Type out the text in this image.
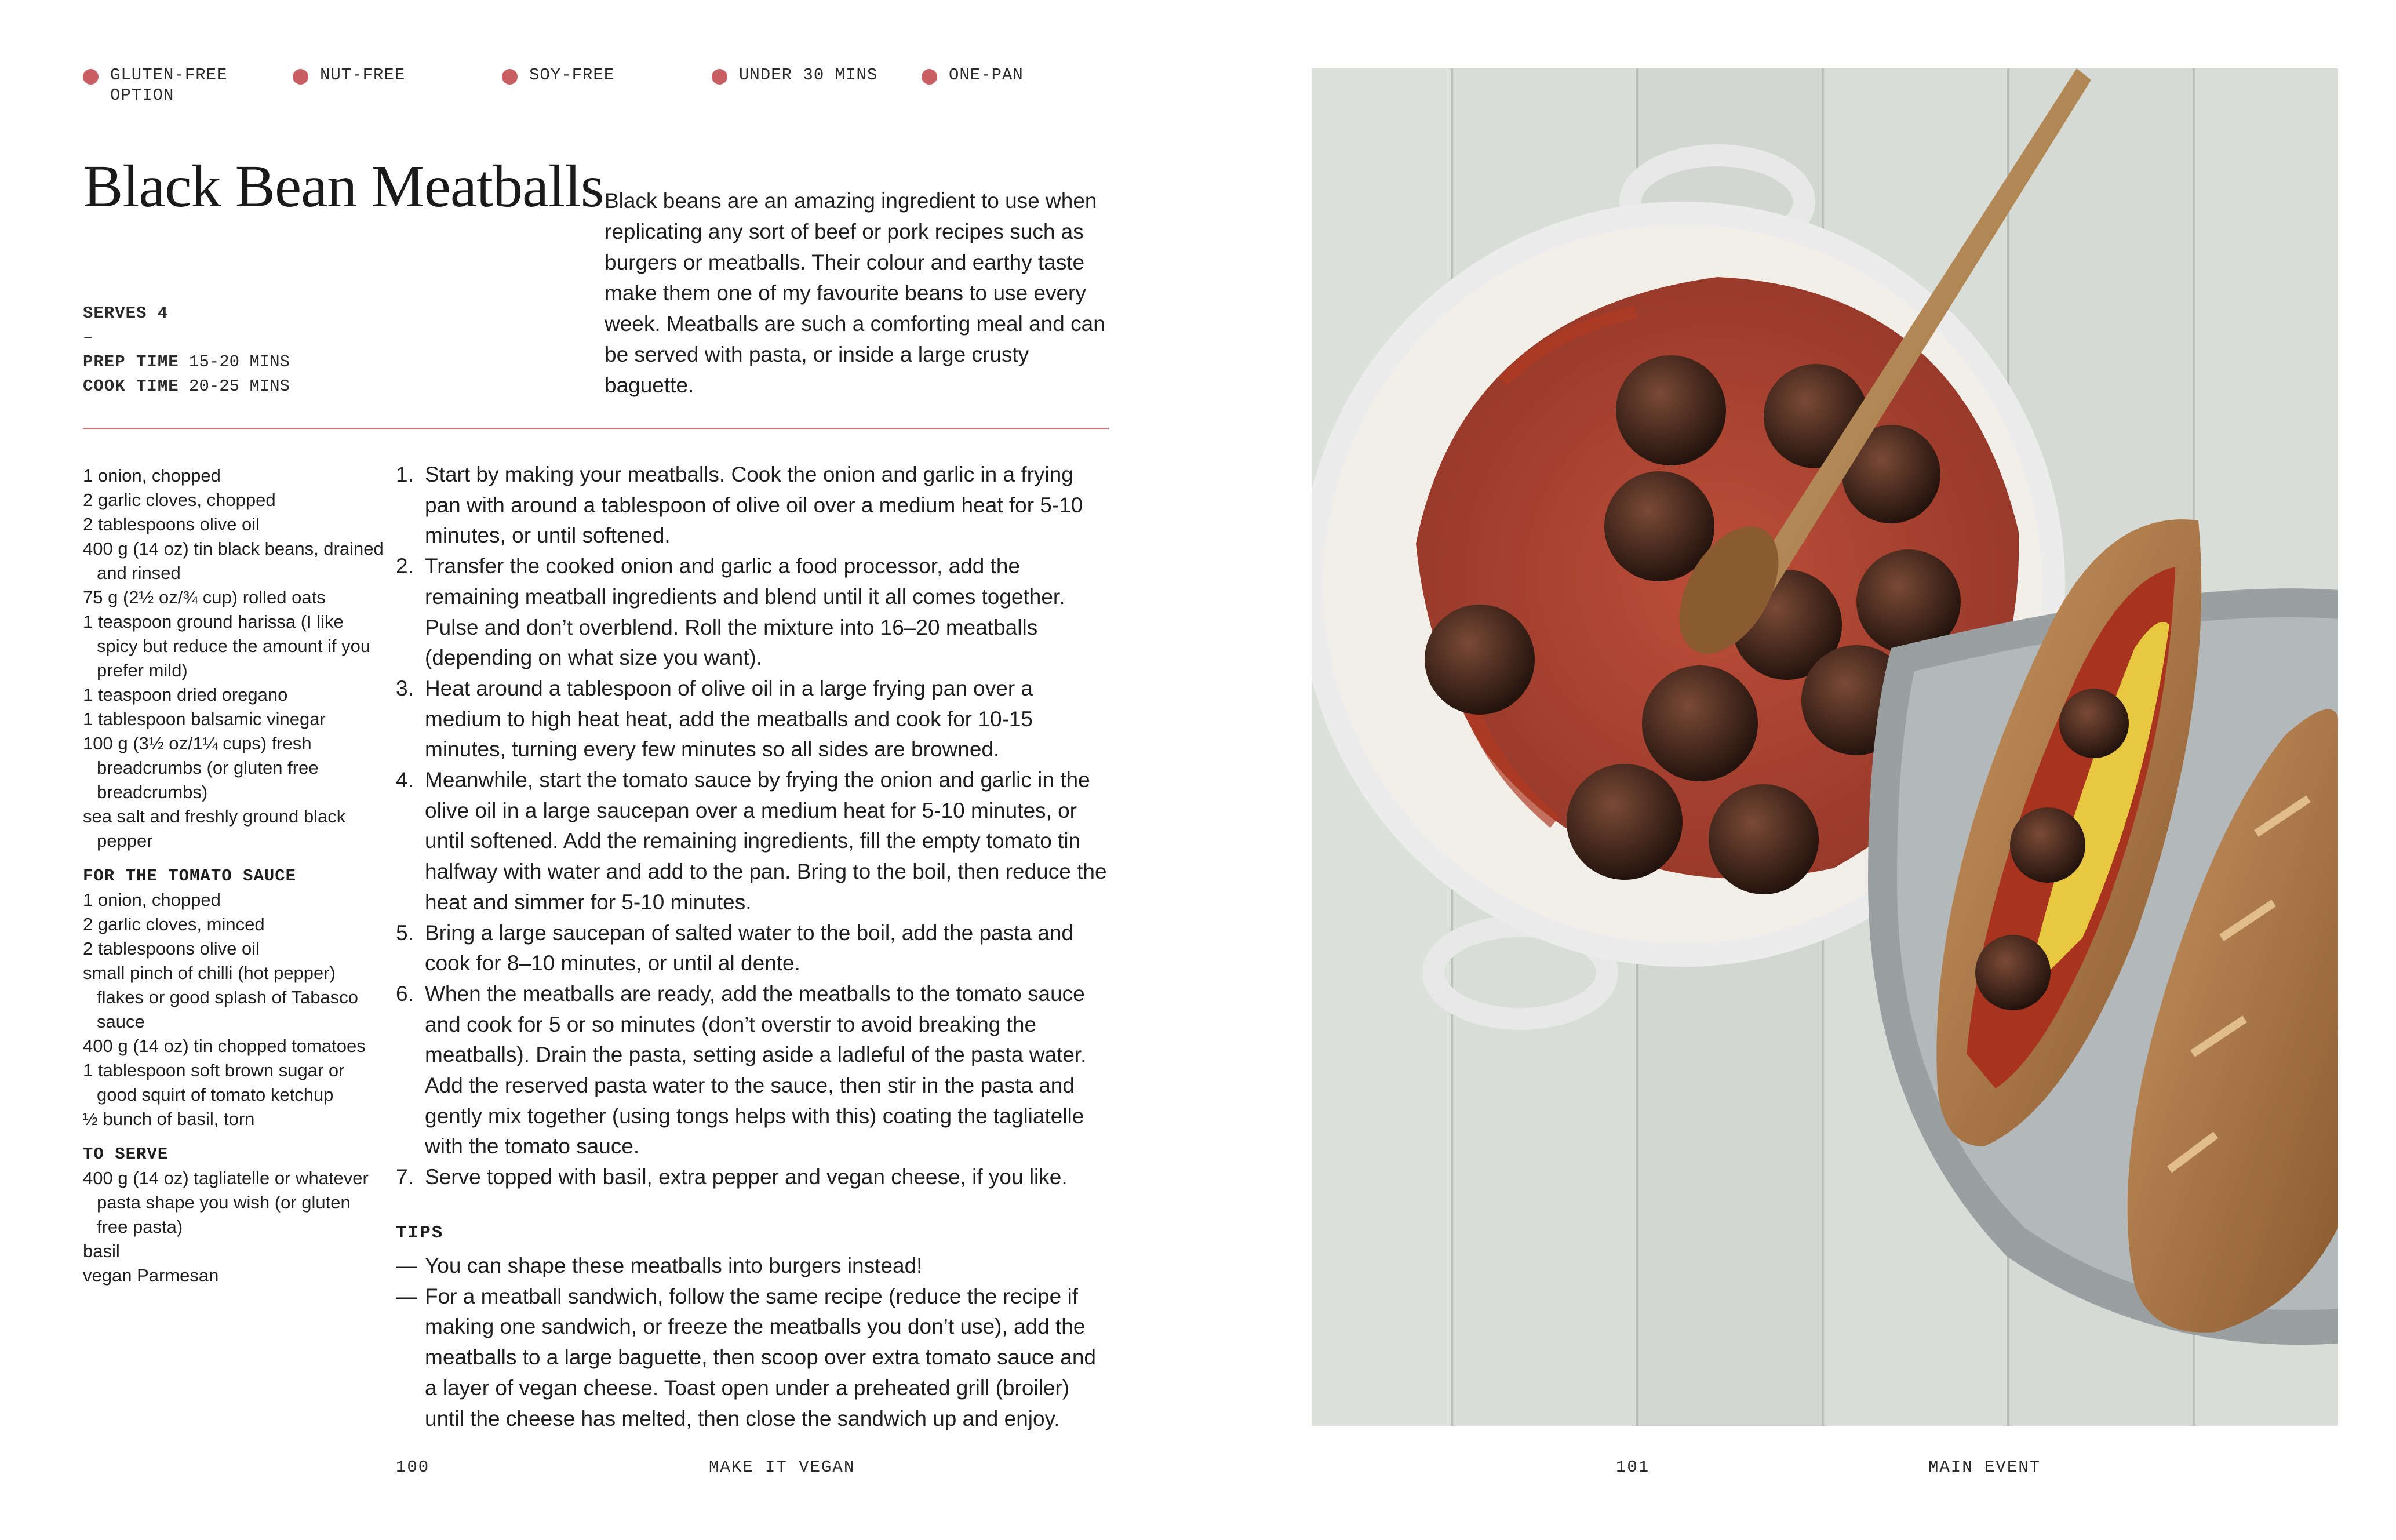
GLUTEN-FREE
OPTION
NUT-FREE	SOY-FREE	UNDER 30 MINS	ONE-PAN
Black Bean Meatballs Black beans are an amazing ingredient to use when replicating any sort of beef or pork recipes such as burgers or meatballs. Their colour and earthy taste make them one of my favourite beans to use every week. Meatballs are such a comforting meal and can be served with pasta, or inside a large crusty baguette.

SERVES 4
–
PREP TIME 15-20 MINS
COOK TIME 20-25 MINS
1 onion, chopped
2 garlic cloves, chopped
2 tablespoons olive oil
400 g (14 oz) tin black beans, drained and rinsed
75 g (2½ oz/¾ cup) rolled oats
1 teaspoon ground harissa (I like spicy but reduce the amount if you prefer mild)
1 teaspoon dried oregano
1 tablespoon balsamic vinegar
100 g (3½ oz/1¼ cups) fresh breadcrumbs (or gluten free breadcrumbs)
sea salt and freshly ground black pepper
FOR THE TOMATO SAUCE
1 onion, chopped
2 garlic cloves, minced
2 tablespoons olive oil
small pinch of chilli (hot pepper) flakes or good splash of Tabasco sauce
400 g (14 oz) tin chopped tomatoes
1 tablespoon soft brown sugar or good squirt of tomato ketchup
½ bunch of basil, torn
TO SERVE
400 g (14 oz) tagliatelle or whatever pasta shape you wish (or gluten free pasta)
basil
vegan Parmesan
1. Start by making your meatballs. Cook the onion and garlic in a frying pan with around a tablespoon of olive oil over a medium heat for 5-10 minutes, or until softened.
2. Transfer the cooked onion and garlic a food processor, add the remaining meatball ingredients and blend until it all comes together. Pulse and don’t overblend. Roll the mixture into 16–20 meatballs (depending on what size you want).
3. Heat around a tablespoon of olive oil in a large frying pan over a medium to high heat heat, add the meatballs and cook for 10-15 minutes, turning every few minutes so all sides are browned.
4. Meanwhile, start the tomato sauce by frying the onion and garlic in the olive oil in a large saucepan over a medium heat for 5-10 minutes, or until softened. Add the remaining ingredients, fill the empty tomato tin halfway with water and add to the pan. Bring to the boil, then reduce the heat and simmer for 5-10 minutes.
5. Bring a large saucepan of salted water to the boil, add the pasta and cook for 8–10 minutes, or until al dente.
6. When the meatballs are ready, add the meatballs to the tomato sauce and cook for 5 or so minutes (don’t overstir to avoid breaking the meatballs). Drain the pasta, setting aside a ladleful of the pasta water. Add the reserved pasta water to the sauce, then stir in the pasta and gently mix together (using tongs helps with this) coating the tagliatelle with the tomato sauce.
7. Serve topped with basil, extra pepper and vegan cheese, if you like.
TIPS
— You can shape these meatballs into burgers instead!
— For a meatball sandwich, follow the same recipe (reduce the recipe if making one sandwich, or freeze the meatballs you don’t use), add the meatballs to a large baguette, then scoop over extra tomato sauce and a layer of vegan cheese. Toast open under a preheated grill (broiler) until the cheese has melted, then close the sandwich up and enjoy.
100	MAKE IT VEGAN	101	MAIN EVENT
